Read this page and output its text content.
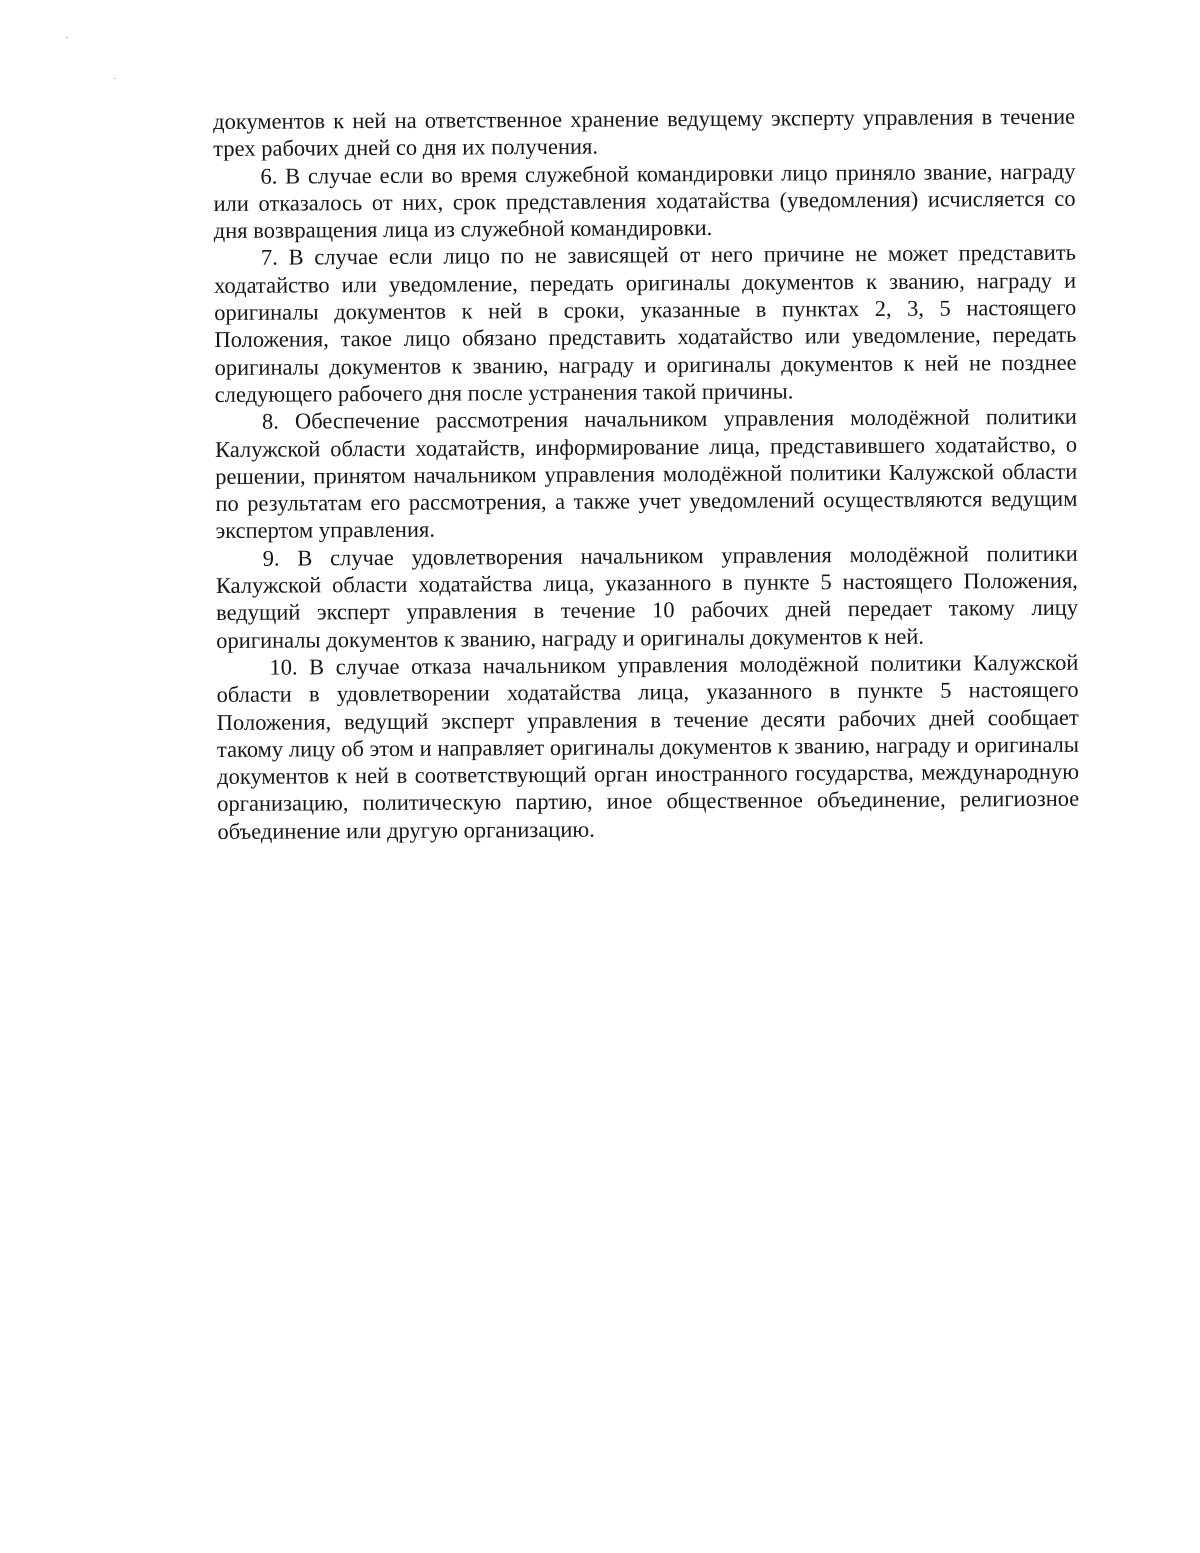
документов к ней на ответственное хранение ведущему эксперту управления в течение трех рабочих дней со дня их получения.

6. В случае если во время служебной командировки лицо приняло звание, награду или отказалось от них, срок представления ходатайства (уведомления) исчисляется со дня возвращения лица из служебной командировки.

7. В случае если лицо по не зависящей от него причине не может представить ходатайство или уведомление, передать оригиналы документов к званию, награду и оригиналы документов к ней в сроки, указанные в пунктах 2, 3, 5 настоящего Положения, такое лицо обязано представить ходатайство или уведомление, передать оригиналы документов к званию, награду и оригиналы документов к ней не позднее следующего рабочего дня после устранения такой причины.

8. Обеспечение рассмотрения начальником управления молодёжной политики Калужской области ходатайств, информирование лица, представившего ходатайство, о решении, принятом начальником управления молодёжной политики Калужской области по результатам его рассмотрения, а также учет уведомлений осуществляются ведущим экспертом управления.

9. В случае удовлетворения начальником управления молодёжной политики Калужской области ходатайства лица, указанного в пункте 5 настоящего Положения, ведущий эксперт управления в течение 10 рабочих дней передает такому лицу оригиналы документов к званию, награду и оригиналы документов к ней.

10. В случае отказа начальником управления молодёжной политики Калужской области в удовлетворении ходатайства лица, указанного в пункте 5 настоящего Положения, ведущий эксперт управления в течение десяти рабочих дней сообщает такому лицу об этом и направляет оригиналы документов к званию, награду и оригиналы документов к ней в соответствующий орган иностранного государства, международную организацию, политическую партию, иное общественное объединение, религиозное объединение или другую организацию.
